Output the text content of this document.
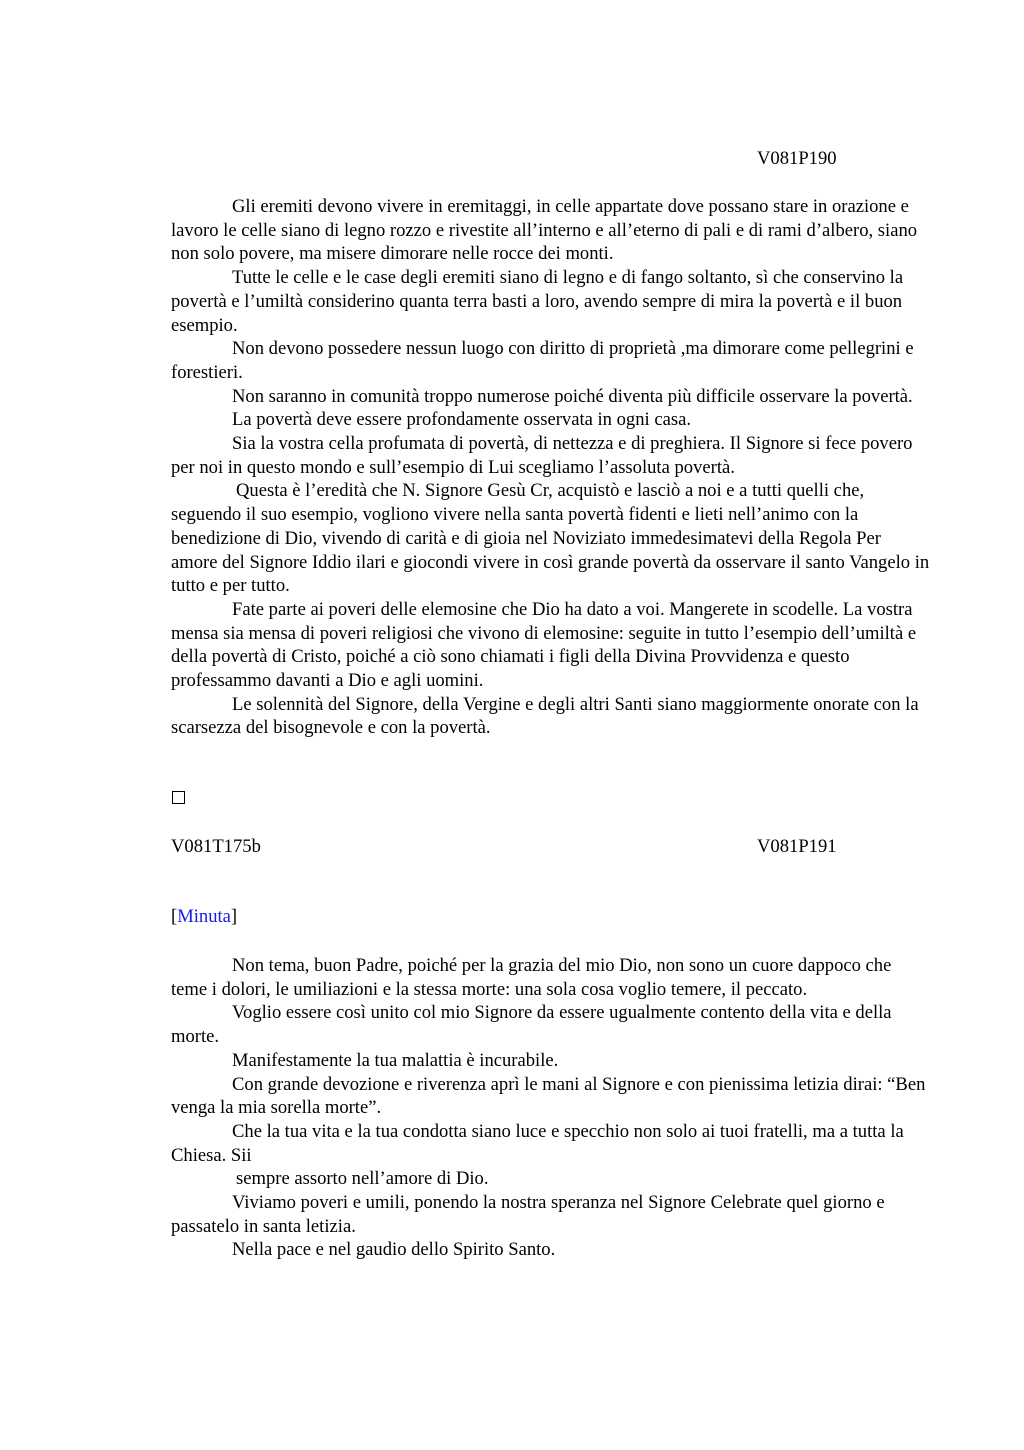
V081P190

Gli eremiti devono vivere in eremitaggi, in celle appartate dove possano stare in orazione e lavoro le celle siano di legno rozzo e rivestite all’interno e all’eterno di pali e di rami d’albero, siano non solo povere, ma misere dimorare nelle rocce dei monti.

Tutte le celle e le case degli eremiti siano di legno e di fango soltanto, sì che conservino la povertà e l’umiltà considerino quanta terra basti a loro, avendo sempre di mira la povertà e il buon esempio.

Non devono possedere nessun luogo con diritto di proprietà ,ma dimorare come pellegrini e forestieri.

Non saranno in comunità troppo numerose poiché diventa più difficile osservare la povertà.

La povertà deve essere profondamente osservata in ogni casa.

Sia la vostra cella profumata di povertà, di nettezza e di preghiera. Il Signore si fece povero per noi in questo mondo e sull’esempio di Lui scegliamo l’assoluta povertà.

Questa è l’eredità che N. Signore Gesù Cr, acquistò e lasciò a noi e a tutti quelli che, seguendo il suo esempio, vogliono vivere nella santa povertà fidenti e lieti nell’animo con la benedizione di Dio, vivendo di carità e di gioia nel Noviziato immedesimatevi della Regola Per amore del Signore Iddio ilari e giocondi vivere in così grande povertà da osservare il santo Vangelo in tutto e per tutto.

Fate parte ai poveri delle elemosine che Dio ha dato a voi. Mangerete in scodelle. La vostra mensa sia mensa di poveri religiosi che vivono di elemosine: seguite in tutto l’esempio dell’umiltà e della povertà di Cristo, poiché a ciò sono chiamati i figli della Divina Provvidenza e questo professammo davanti a Dio e agli uomini.

Le solennità del Signore, della Vergine e degli altri Santi siano maggiormente onorate con la scarsezza del bisognevole e con la povertà.

V081T175b	V081P191
[Minuta]

Non tema, buon Padre, poiché per la grazia del mio Dio, non sono un cuore dappoco che teme i dolori, le umiliazioni e la stessa morte: una sola cosa voglio temere, il peccato.

Voglio essere così unito col mio Signore da essere ugualmente contento della vita e della morte.

Manifestamente la tua malattia è incurabile.

Con grande devozione e riverenza aprì le mani al Signore e con pienissima letizia dirai: “Ben venga la mia sorella morte”.

Che la tua vita e la tua condotta siano luce e specchio non solo ai tuoi fratelli, ma a tutta la Chiesa. Sii

sempre assorto nell’amore di Dio.

Viviamo poveri e umili, ponendo la nostra speranza nel Signore Celebrate quel giorno e passatelo in santa letizia.

Nella pace e nel gaudio dello Spirito Santo.
